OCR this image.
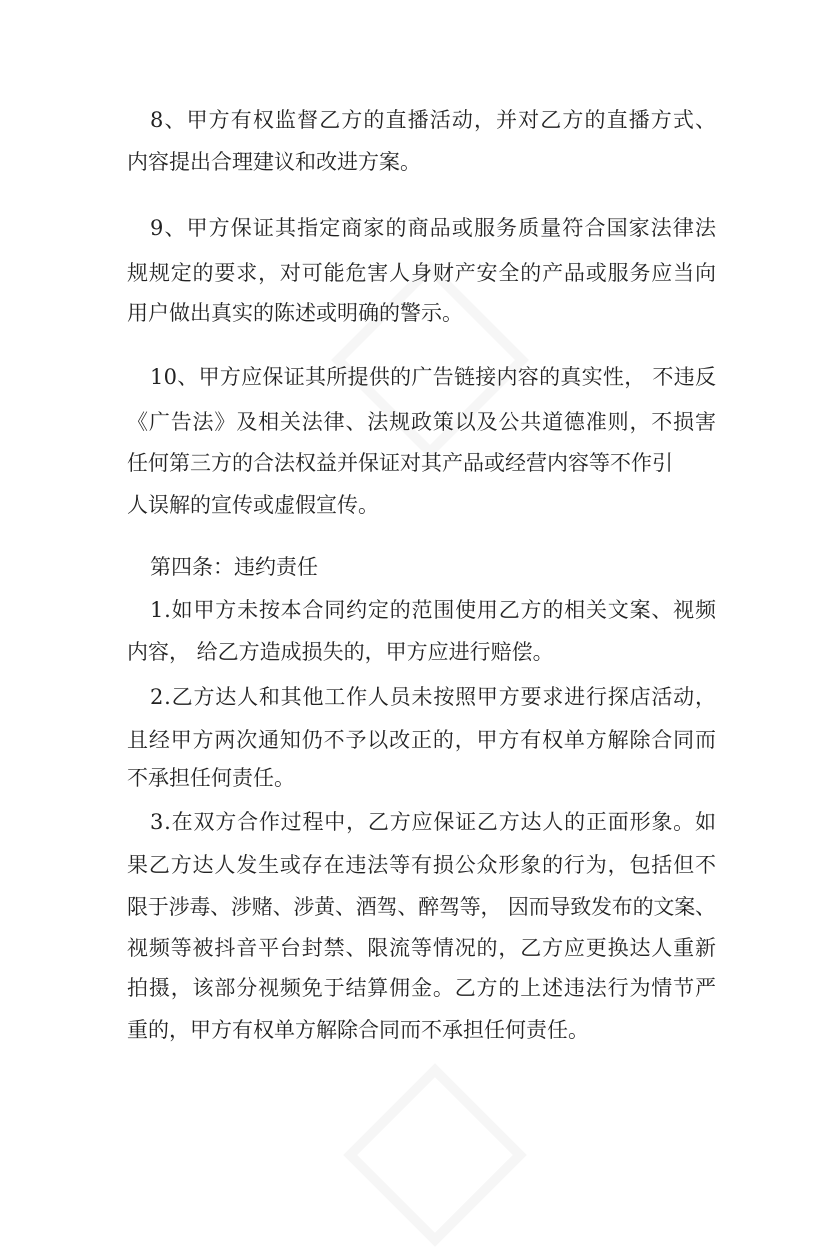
8、甲方有权监督乙方的直播活动，并对乙方的直播方式、
内容提出合理建议和改进方案。
9、甲方保证其指定商家的商品或服务质量符合国家法律法
规规定的要求，对可能危害人身财产安全的产品或服务应当向
用户做出真实的陈述或明确的警示。
10、甲方应保证其所提供的广告链接内容的真实性， 不违反
《广告法》及相关法律、法规政策以及公共道德准则，不损害
任何第三方的合法权益并保证对其产品或经营内容等不作引
人误解的宣传或虚假宣传。
第四条：违约责任
1.如甲方未按本合同约定的范围使用乙方的相关文案、视频
内容， 给乙方造成损失的，甲方应进行赔偿。
2.乙方达人和其他工作人员未按照甲方要求进行探店活动，
且经甲方两次通知仍不予以改正的，甲方有权单方解除合同而
不承担任何责任。
3.在双方合作过程中，乙方应保证乙方达人的正面形象。如
果乙方达人发生或存在违法等有损公众形象的行为，包括但不
限于涉毒、涉赌、涉黄、酒驾、醉驾等， 因而导致发布的文案、
视频等被抖音平台封禁、限流等情况的，乙方应更换达人重新
拍摄，该部分视频免于结算佣金。乙方的上述违法行为情节严
重的，甲方有权单方解除合同而不承担任何责任。
